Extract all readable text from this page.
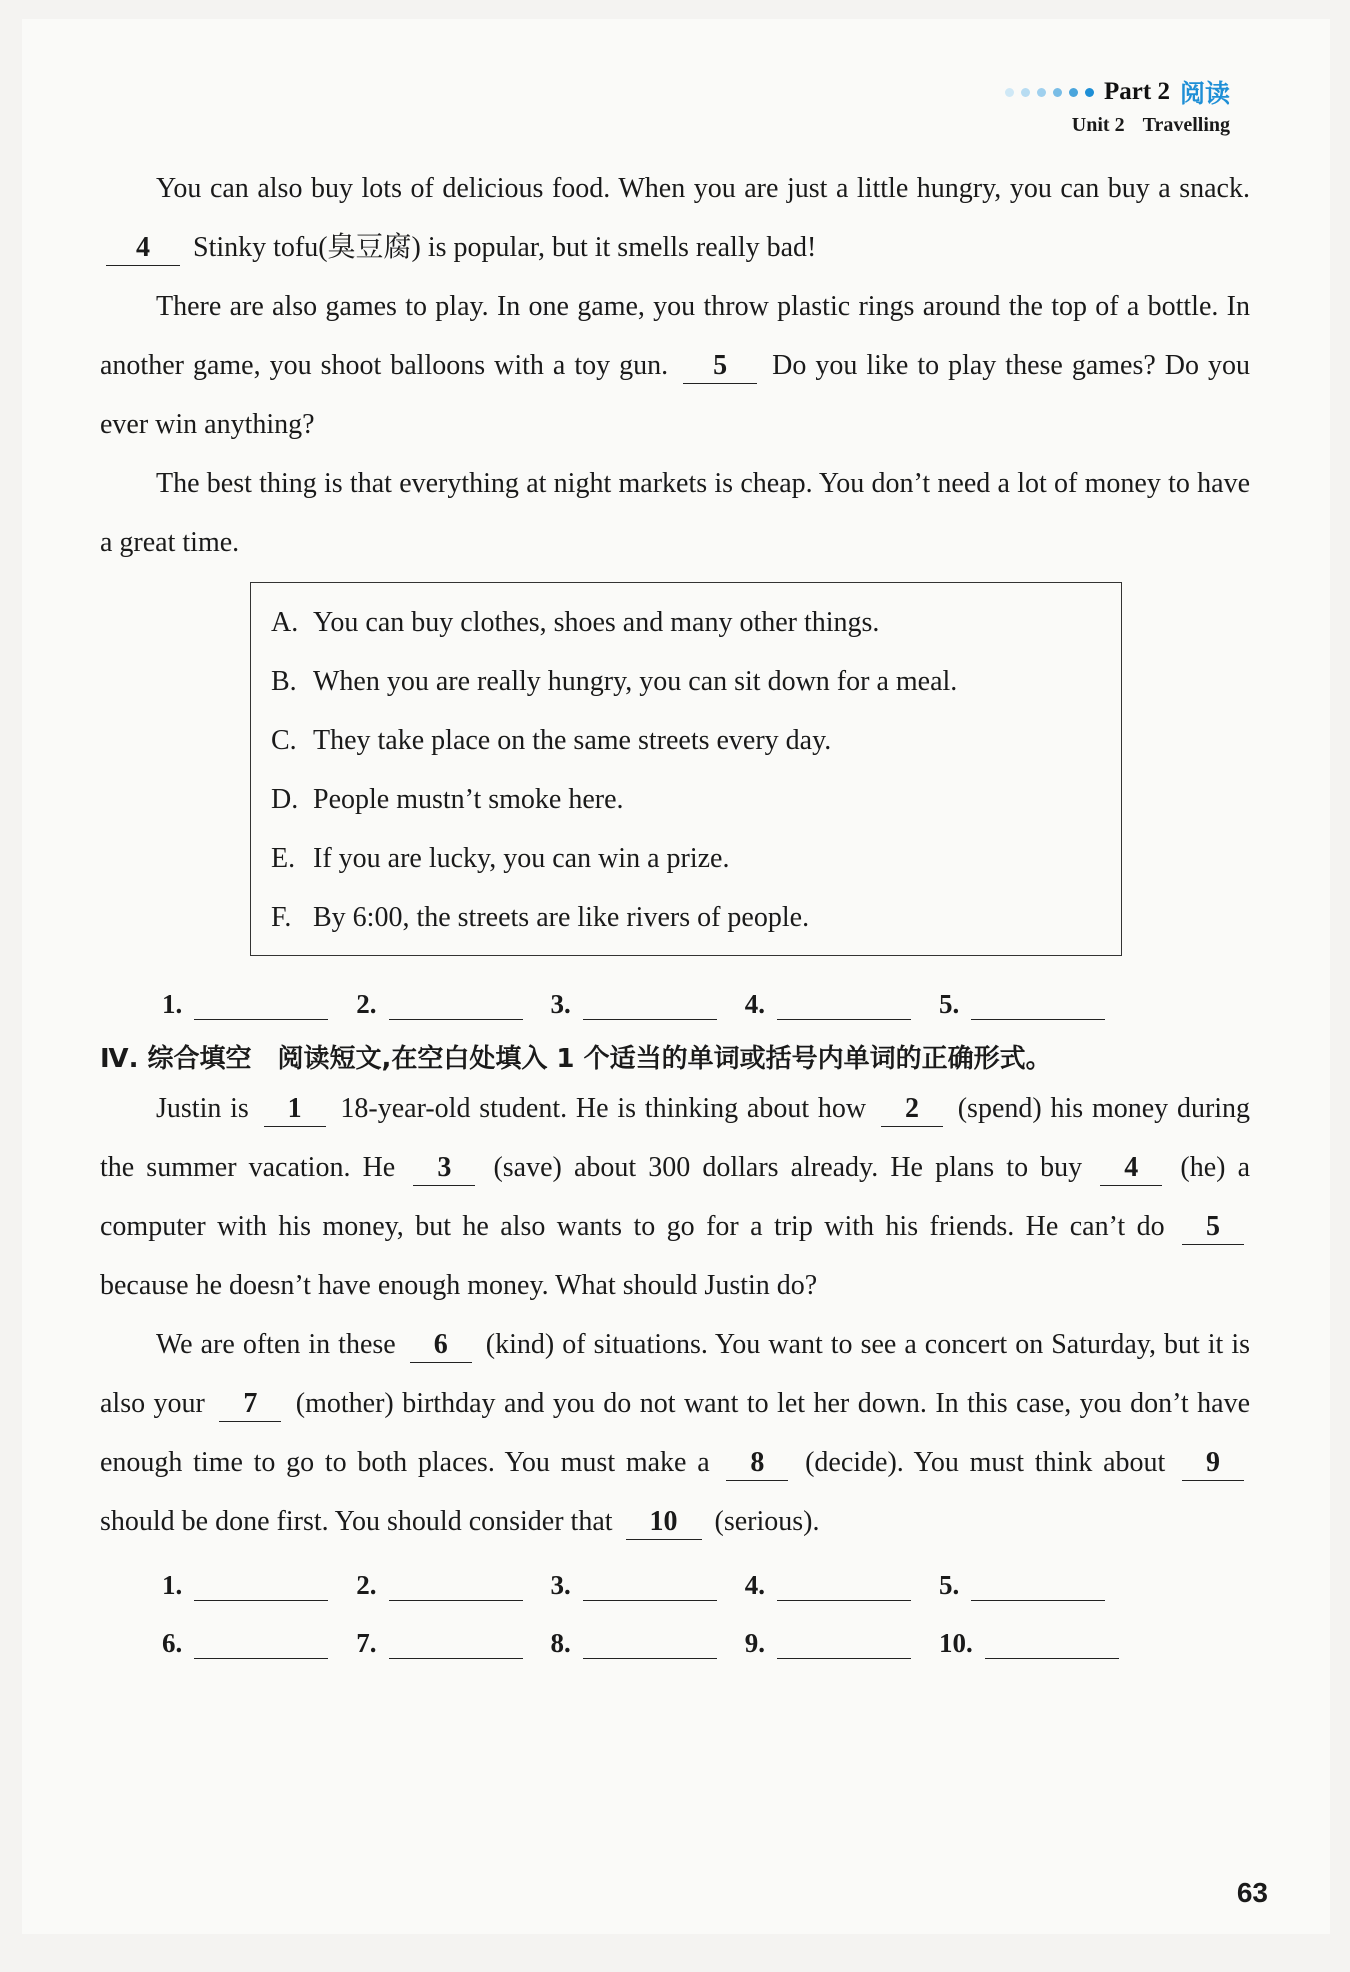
Part 2 阅读
Unit 2 Travelling

You can also buy lots of delicious food. When you are just a little hungry, you can buy a snack. 4 Stinky tofu(臭豆腐) is popular, but it smells really bad!

There are also games to play. In one game, you throw plastic rings around the top of a bottle. In another game, you shoot balloons with a toy gun. 5 Do you like to play these games? Do you ever win anything?

The best thing is that everything at night markets is cheap. You don’t need a lot of money to have a great time.

A. You can buy clothes, shoes and many other things.
B. When you are really hungry, you can sit down for a meal.
C. They take place on the same streets every day.
D. People mustn’t smoke here.
E. If you are lucky, you can win a prize.
F. By 6:00, the streets are like rivers of people.
1.	2.	3.	4.	5.
Ⅳ. 综合填空　阅读短文,在空白处填入 1 个适当的单词或括号内单词的正确形式。

Justin is 1 18-year-old student. He is thinking about how 2 (spend) his money during the summer vacation. He 3 (save) about 300 dollars already. He plans to buy 4 (he) a computer with his money, but he also wants to go for a trip with his friends. He can’t do 5 because he doesn’t have enough money. What should Justin do?

We are often in these 6 (kind) of situations. You want to see a concert on Saturday, but it is also your 7 (mother) birthday and you do not want to let her down. In this case, you don’t have enough time to go to both places. You must make a 8 (decide). You must think about 9 should be done first. You should consider that 10 (serious).

1.	2.	3.	4.	5.
6.	7.	8.	9.	10.
63
